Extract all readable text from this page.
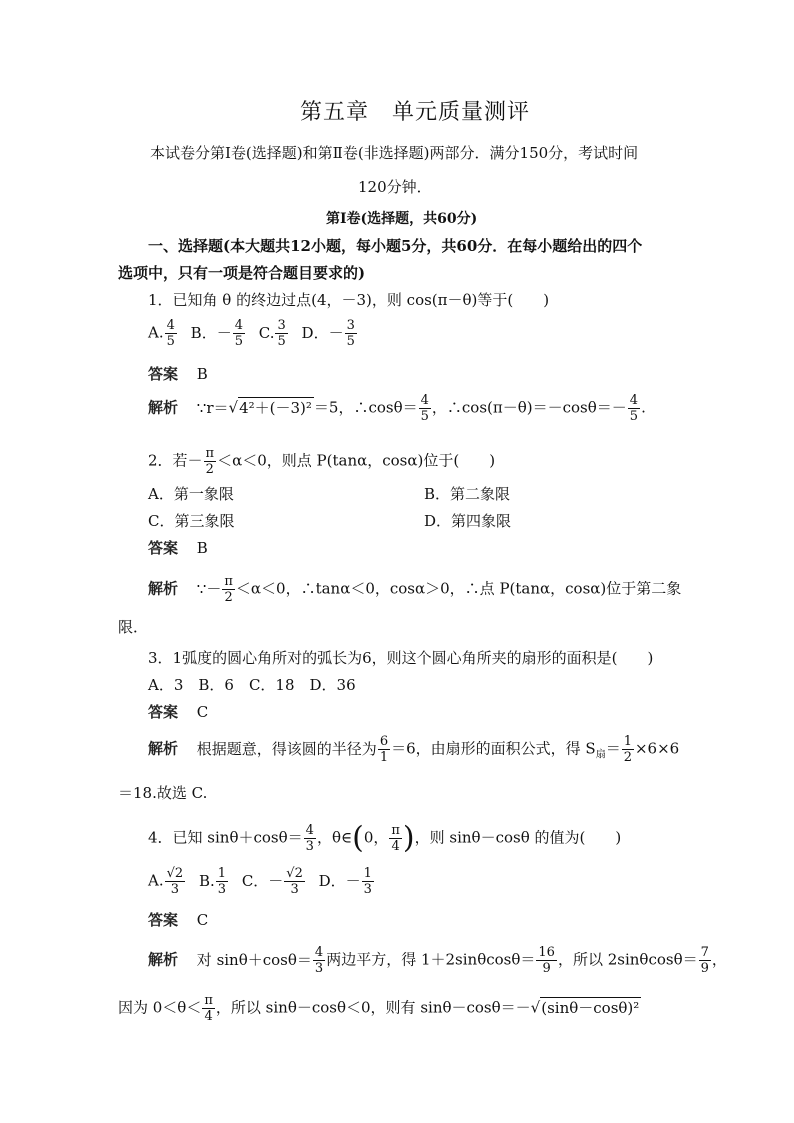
第五章　单元质量测评
本试卷分第Ⅰ卷(选择题)和第Ⅱ卷(非选择题)两部分．满分150分，考试时间
120分钟．
第Ⅰ卷(选择题，共60分)
一、选择题(本大题共12小题，每小题5分，共60分．在每小题给出的四个
选项中，只有一项是符合题目要求的)
1．已知角 θ 的终边过点(4，－3)，则 cos(π－θ)等于(　　)
A. $\frac{4}{5}$ B．－ $\frac{4}{5} C$. $\frac{3}{5}$ D．－ $\frac{3}{5}$
答案 B
解析 ∵r＝√4²＋(－3)² ＝5，∴cosθ＝ $\frac{4}{5}$ ，∴cos(π－θ)＝－cosθ＝－ $\frac{4}{5}$ .
2．若－ $\frac{\pi}{2} <\alpha<0$，则点 P(tanα，cosα)位于(　　)
A．第一象限	B．第二象限
C．第三象限	D．第四象限
答案 B
解析 ∵－ $\frac{\pi}{2} <\alpha<0$，∴tanα＜0，cosα＞0，∴点 P(tanα，cosα)位于第二象
限．
3．1弧度的圆心角所对的弧长为6，则这个圆心角所夹的扇形的面积是(　　)
A．3　B．6　C．18　D．36
答案 C
解析 根据题意，得该圆的半径为 $\frac{6}{1} =6$，由扇形的面积公式，得 $S_扇= \frac{1}{2} \times 6\times 6$
＝18.故选 C.
4．已知 $\sin\theta+\cos\theta= \frac{4}{3}$ ，θ∈(0， $\frac{\pi}{4}$ )，则 sinθ－cosθ 的值为(　　)
A. $\frac{√2}{3} B$. $\frac{1}{3}$ C．－ $\frac{√2}{3}$ D．－ $\frac{1}{3}$
答案 C
解析 对 $\sin\theta+\cos\theta= \frac{4}{3}$ 两边平方，得 $1+2\sin\theta\cos\theta= \frac{16}{9}$ ，所以 $2\sin\theta\cos\theta= \frac{7}{9}$ ，
因为 $0<\theta< \frac{\pi}{4}$ ，所以 sinθ－cosθ＜0，则有 sinθ－cosθ＝－√(sinθ－cosθ)²
